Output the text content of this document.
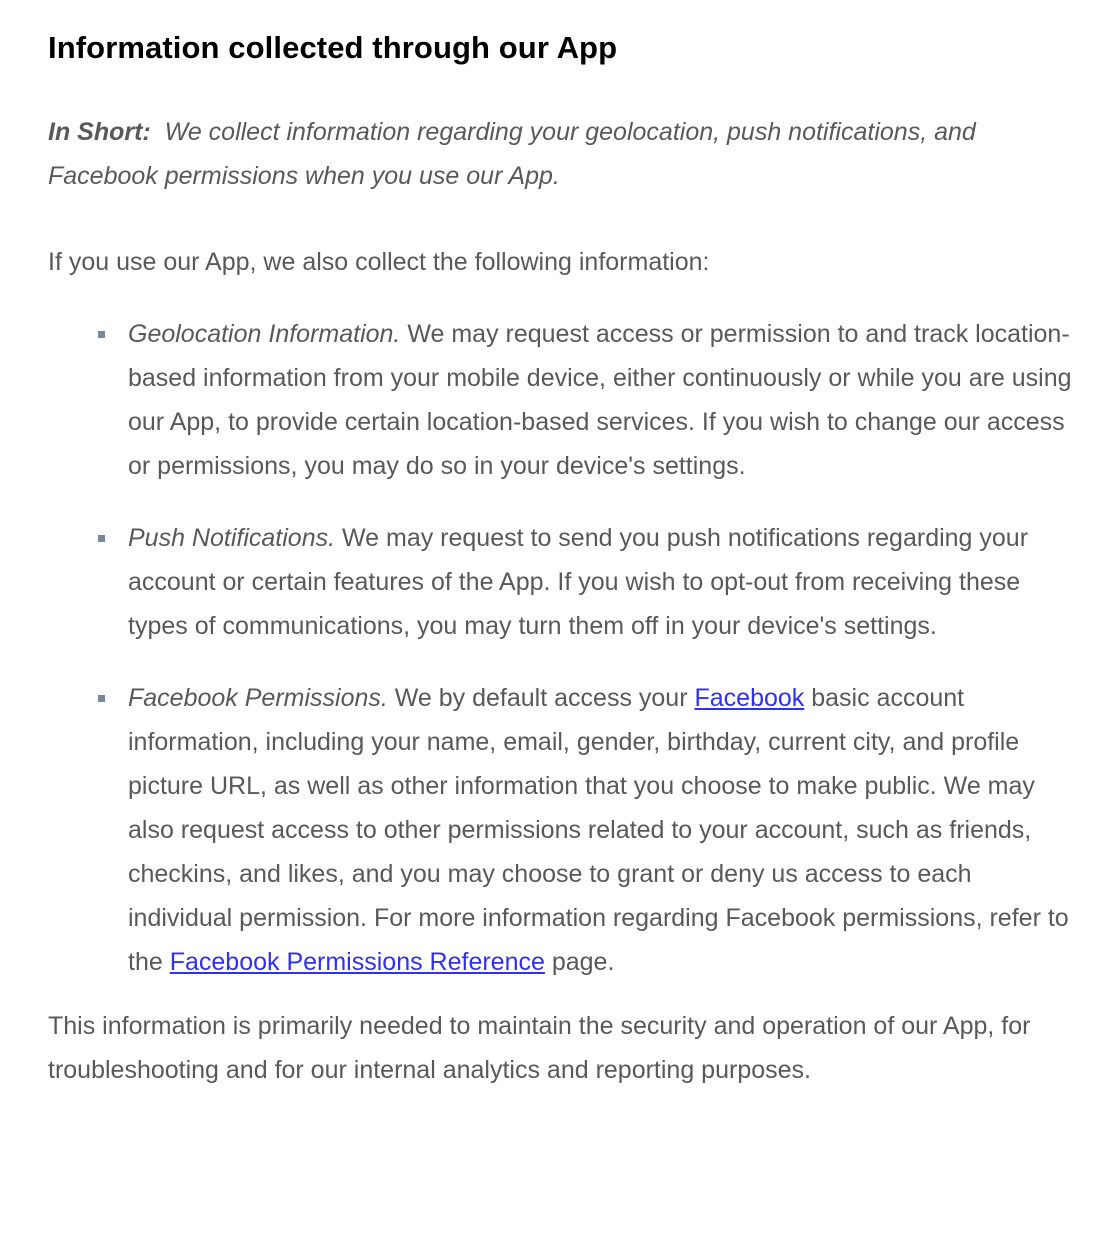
Information collected through our App

In Short: We collect information regarding your geolocation, push notifications, and Facebook permissions when you use our App.

If you use our App, we also collect the following information:

Geolocation Information. We may request access or permission to and track location-based information from your mobile device, either continuously or while you are using our App, to provide certain location-based services. If you wish to change our access or permissions, you may do so in your device's settings.
Push Notifications. We may request to send you push notifications regarding your account or certain features of the App. If you wish to opt-out from receiving these types of communications, you may turn them off in your device's settings.
Facebook Permissions. We by default access your Facebook basic account information, including your name, email, gender, birthday, current city, and profile picture URL, as well as other information that you choose to make public. We may also request access to other permissions related to your account, such as friends, checkins, and likes, and you may choose to grant or deny us access to each individual permission. For more information regarding Facebook permissions, refer to the Facebook Permissions Reference page.

This information is primarily needed to maintain the security and operation of our App, for troubleshooting and for our internal analytics and reporting purposes.
